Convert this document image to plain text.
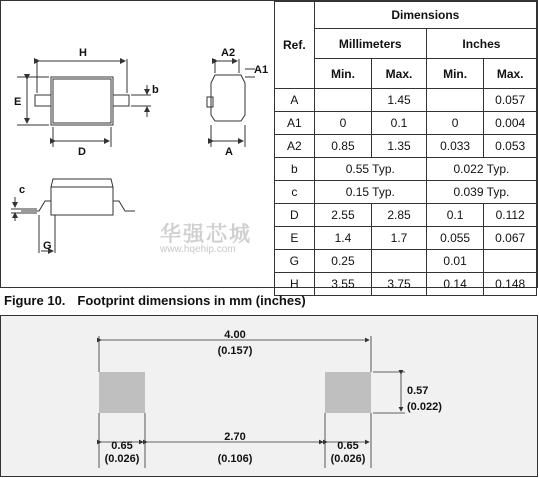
H
E
D
b
A2
A1
A
c
G
Ref.	Dimensions			
	Millimeters		Inches	
	Min.	Max.	Min.	Max.
A		1.45		0.057
A1	0	0.1	0	0.004
A2	0.85	1.35	0.033	0.053
b	0.55 Typ.		0.022 Typ.	
c	0.15 Typ.		0.039 Typ.	
D	2.55	2.85	0.1	0.112
E	1.4	1.7	0.055	0.067
G	0.25		0.01	
H	3.55	3.75	0.14	0.148
华强芯城
www.hqehip.com
Figure 10. Footprint dimensions in mm (inches)
4.00
(0.157)
0.57
(0.022)
0.65
(0.026)
2.70
(0.106)
0.65
(0.026)
